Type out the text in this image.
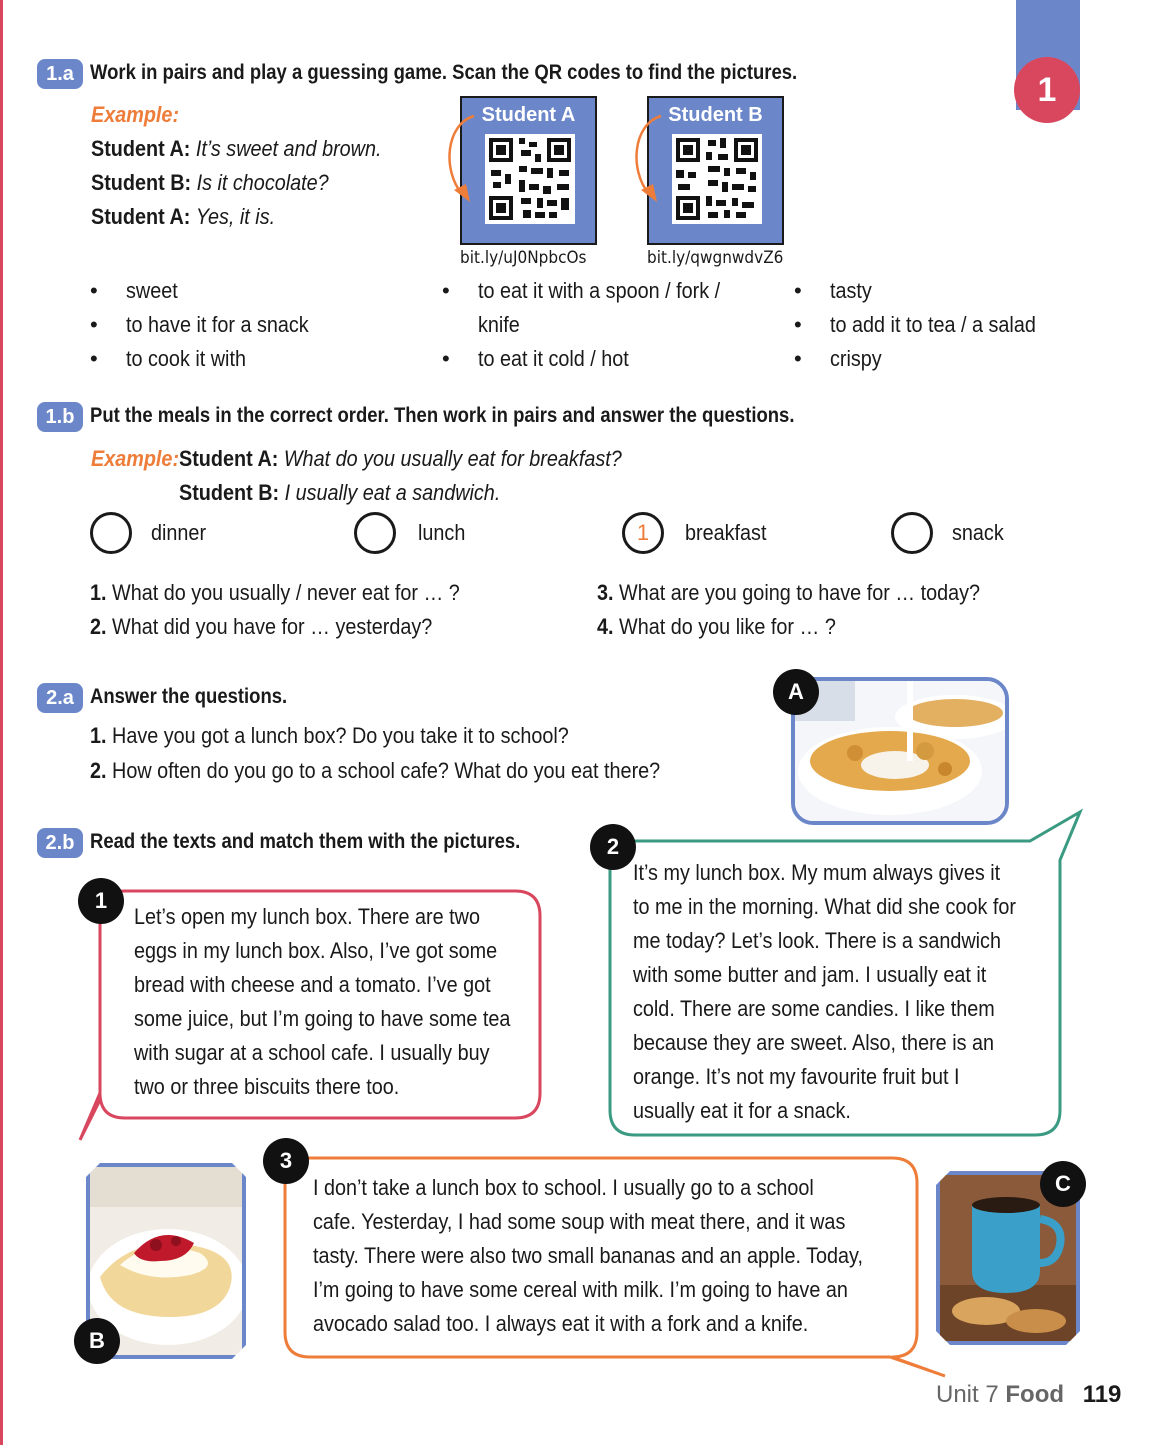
1
1.a Work in pairs and play a guessing game. Scan the QR codes to find the pictures.
Example:
Student A: It’s sweet and brown.
Student B: Is it chocolate?
Student A: Yes, it is.
Student A	Student B
bit.ly/uJ0NpbcOs	bit.ly/qwgnwdvZ6
• sweet
• to have it for a snack
• to cook it with
• to eat it with a spoon / fork /
knife
• to eat it cold / hot
• tasty
• to add it to tea / a salad
• crispy
1.b Put the meals in the correct order. Then work in pairs and answer the questions.
Example: Student A: What do you usually eat for breakfast?
Student B: I usually eat a sandwich.
dinner	lunch	1	breakfast	snack
1. What do you usually / never eat for … ?
2. What did you have for … yesterday?
3. What are you going to have for … today?
4. What do you like for … ?
2.a Answer the questions.
1. Have you got a lunch box? Do you take it to school?
2. How often do you go to a school cafe? What do you eat there?
A
2.b Read the texts and match them with the pictures.
1
Let’s open my lunch box. There are two
eggs in my lunch box. Also, I’ve got some
bread with cheese and a tomato. I’ve got
some juice, but I’m going to have some tea
with sugar at a school cafe. I usually buy
two or three biscuits there too.
2
It’s my lunch box. My mum always gives it
to me in the morning. What did she cook for
me today? Let’s look. There is a sandwich
with some butter and jam. I usually eat it
cold. There are some candies. I like them
because they are sweet. Also, there is an
orange. It’s not my favourite fruit but I
usually eat it for a snack.
3
I don’t take a lunch box to school. I usually go to a school
cafe. Yesterday, I had some soup with meat there, and it was
tasty. There were also two small bananas and an apple. Today,
I’m going to have some cereal with milk. I’m going to have an
avocado salad too. I always eat it with a fork and a knife.
B
C
Unit 7 Food 119
